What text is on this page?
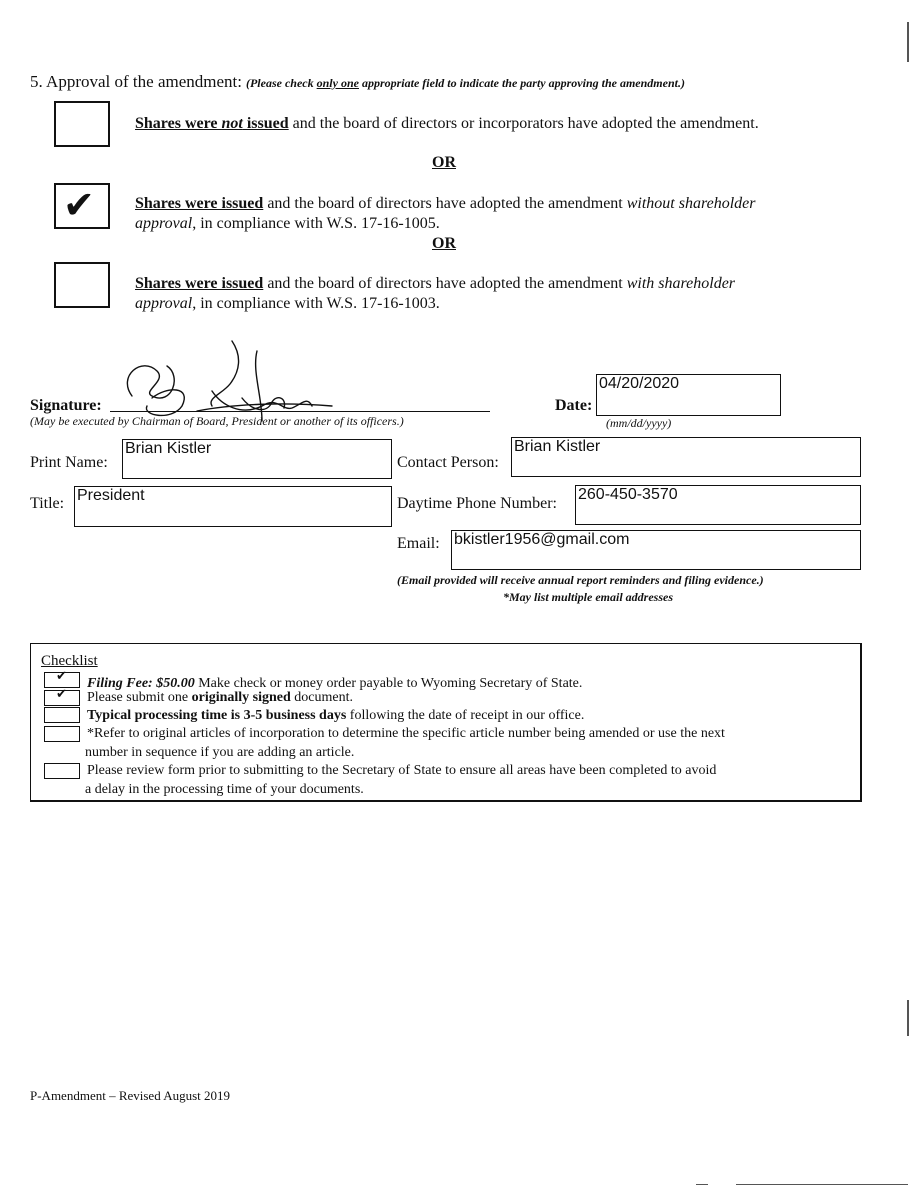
5. Approval of the amendment: (Please check only one appropriate field to indicate the party approving the amendment.)
Shares were not issued and the board of directors or incorporators have adopted the amendment.
OR
✔	Shares were issued and the board of directors have adopted the amendment without shareholder
approval, in compliance with W.S. 17-16-1005.
OR
Shares were issued and the board of directors have adopted the amendment with shareholder
approval, in compliance with W.S. 17-16-1003.
Signature:
(May be executed by Chairman of Board, President or another of its officers.)
Date:
04/20/2020
(mm/dd/yyyy)
Print Name:
Brian Kistler
Contact Person:
Brian Kistler
Title: President	Daytime Phone Number:
260-450-3570
Email: bkistler1956@gmail.com
(Email provided will receive annual report reminders and filing evidence.)
*May list multiple email addresses
Checklist
✔ Filing Fee: $50.00 Make check or money order payable to Wyoming Secretary of State.
✔ Please submit one originally signed document.
Typical processing time is 3-5 business days following the date of receipt in our office.
*Refer to original articles of incorporation to determine the specific article number being amended or use the next
number in sequence if you are adding an article.
Please review form prior to submitting to the Secretary of State to ensure all areas have been completed to avoid
a delay in the processing time of your documents.
P-Amendment – Revised August 2019
